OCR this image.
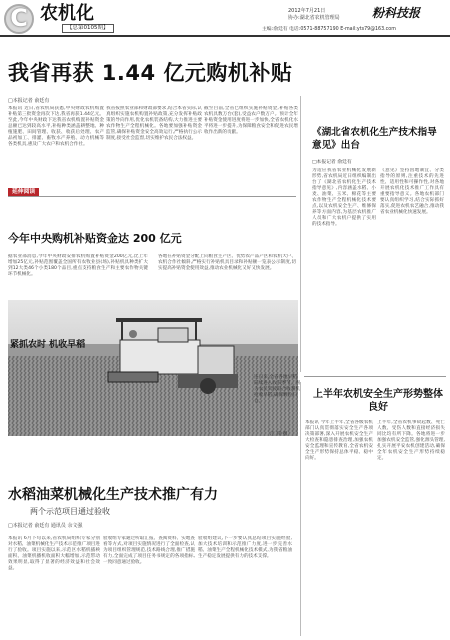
C 农机化
【总第0105期】
2012年7月21日
协办:湖北省农机管理局	粉科技报
主编:俞廷有 电话:0571-88757190 E-mail:yts79@163.com
我省再获 1.44 亿元购机补贴
□本报记者 俞廷有
本报讯 近日,省农机局获悉,中央财政农机购置补贴第三批资金再次下达,我省再获1.44亿元。至此,今年中央财政下达我省农机购置补贴资金总额已达到较高水平,补贴种类涵盖耕整地、种植施肥、田间管理、收获、收获后处理、农产品初加工、排灌、畜牧水产养殖、动力机械等各类机具,惠及广大农户和农机合作社。
我省按照农业部和财政部要求,结合本省实际,认真组织实施农机购置补贴政策,充分发挥补贴政策的导向作用,优化农机装备结构,大力推进主要农作物生产全程机械化。各地要加强补贴资金监管,确保补贴资金安全高效运行,严格执行公示制度,接受社会监督,切实维护农民合法权益。
截至目前,全省已组织实施补贴资金,补贴各类农机具数万台(套),受益农户数万户。预计全年补贴资金使用进度将进一步加快,全省农机化水平将进一步提升,为保障粮食安全和促进农民增收作出新的贡献。
延伸阅读
今年中央购机补贴资金达 200 亿元
据农业部消息,今年中央财政安排农机购置补贴资金200亿元,比上年增加25亿元,补贴范围覆盖全国所有农牧业县(场),补贴机具种类扩大到12大类46个小类180个品目,重点支持粮食生产和主要农作物关键环节机械化。
各地在补贴资金分配上向粮食主产区、优势农产品产区和农机大户、农机合作社倾斜,严格实行补贴机具目录和补贴额一览表公示制度,切实提高补贴资金使用效益,推动农业机械化又好又快发展。
紧抓农时 机收早稻
连日来,全省各地早稻陆续进入收获季节。图为农民驾驶联合收割机抢收早稻,确保颗粒归仓。
江 萍 摄
水稻油菜机械化生产技术推广有力
两个示范项目通过验收
□本报记者 俞廷有 通讯员 余文强
本报讯 6月下旬以来,省农机局组织专家分别对水稻、油菜机械化生产技术示范推广项目进行了验收。项目实施以来,示范区水稻机插秧面积、油菜机播机收面积大幅增加,示范带动效果明显,取得了显著的经济效益和社会效益。
验收组专家通过听取汇报、查阅资料、实地查看等方式,对项目实施情况进行了全面检查,认为项目组织管理规范,技术路线合理,推广措施有力,全面完成了项目任务书规定的各项指标,一致同意通过验收。
验收组建议,下一步要认真总结项目实施经验,加大技术培训和示范推广力度,进一步完善水稻、油菜生产全程机械化技术模式,为我省粮油生产稳定发展提供有力的技术支撑。
《湖北省农机化生产技术指导意见》出台
□本报记者 俞廷有
为适应我省农业机械化发展新形势,省农机局近日组织编制出台了《湖北省农机化生产技术指导意见》,内容涵盖水稻、小麦、油菜、玉米、棉花等主要农作物生产全程机械化技术要点,以及农机安全生产、维修保养等方面内容,为基层农机推广人员和广大农机户提供了实用的技术指导。
《意见》坚持因地制宜、分类指导的原则,注重技术的先进性、适用性和可操作性,对各地开展农机化技术推广工作具有重要指导意义。各地农机部门要认真组织学习,结合实际抓好落实,促进农机农艺融合,推动我省农业机械化快速发展。
上半年农机安全生产形势整体良好
本报讯 今年上半年,全省各级农机部门认真贯彻落实安全生产各项决策部署,深入开展农机安全生产大检查和隐患排查治理,加强农机安全监理和宣传教育,全省农机安全生产形势保持总体平稳、稳中向好。
上半年,全省农机事故起数、死亡人数、受伤人数和直接经济损失同比均有所下降。各地将进一步加强农机安全监管,强化源头管理,扎实开展平安农机创建活动,确保全年农机安全生产形势持续稳定。
